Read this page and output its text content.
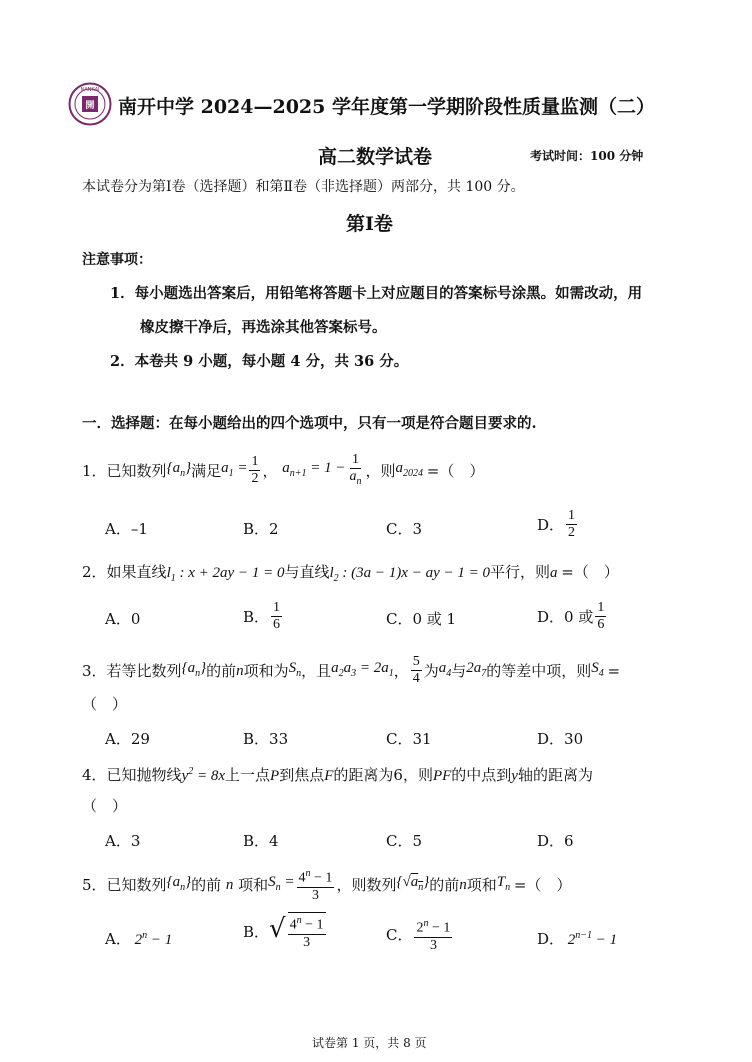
開
NANKAI
南开中学 2024—2025 学年度第一学期阶段性质量监测（二）
高二数学试卷	考试时间：100 分钟
本试卷分为第Ⅰ卷（选择题）和第Ⅱ卷（非选择题）两部分，共 100 分。
第Ⅰ卷
注意事项：
1．每小题选出答案后，用铅笔将答题卡上对应题目的答案标号涂黑。如需改动，用
橡皮擦干净后，再选涂其他答案标号。
2．本卷共 9 小题，每小题 4 分，共 36 分。
一．选择题：在每小题给出的四个选项中，只有一项是符合题目要求的.
1． 已知数列 $\{a_n\}$ 满足 $a_1 = \frac{1}{2}$ ，
$a_{n+1} = 1 - \frac{1}{a_n}$ ，则 $a_{2024}$ =（　）
A．–1	B．2	C．3	D． $\frac{1}{2}$
2．如果直线$l_1$ : x + 2ay − 1 = 0与直线$l_2$ : (3a − 1)x − ay − 1 = 0平行，则a =（　）
A．0	B． $\frac{1}{6}$	C．0 或 1	D．0 或 $\frac{1}{6}$
3． 若等比数列 $\{a_n\}$ 的前 n 项和为 $S_n$ ，且 $a_2a_3 = 2a_1$ ， $\frac{5}{4}$ 为 $a_4$ 与 $2a_7$ 的等差中项，则 $S_4$ =
（　）
A．29	B．33	C．31	D．30
4．已知抛物线$y^2 = 8x$上一点P到焦点F的距离为6，则PF的中点到y轴的距离为
（　）
A．3	B．4	C．5	D．6
5． 已知数列 $\{a_n\}$ 的前
n
项和 $S_n = \frac{4^n - 1}{3}$ ，则数列 $\{√a_n\}$ 的前 n 项和 $T_n$ =（　）
A． $2^n - 1$	B． √ $\frac{4^n - 1}{3}$	C． $\frac{2^n - 1}{3}$	D． $2^{n-1} - 1$
试卷第 1 页，共 8 页
